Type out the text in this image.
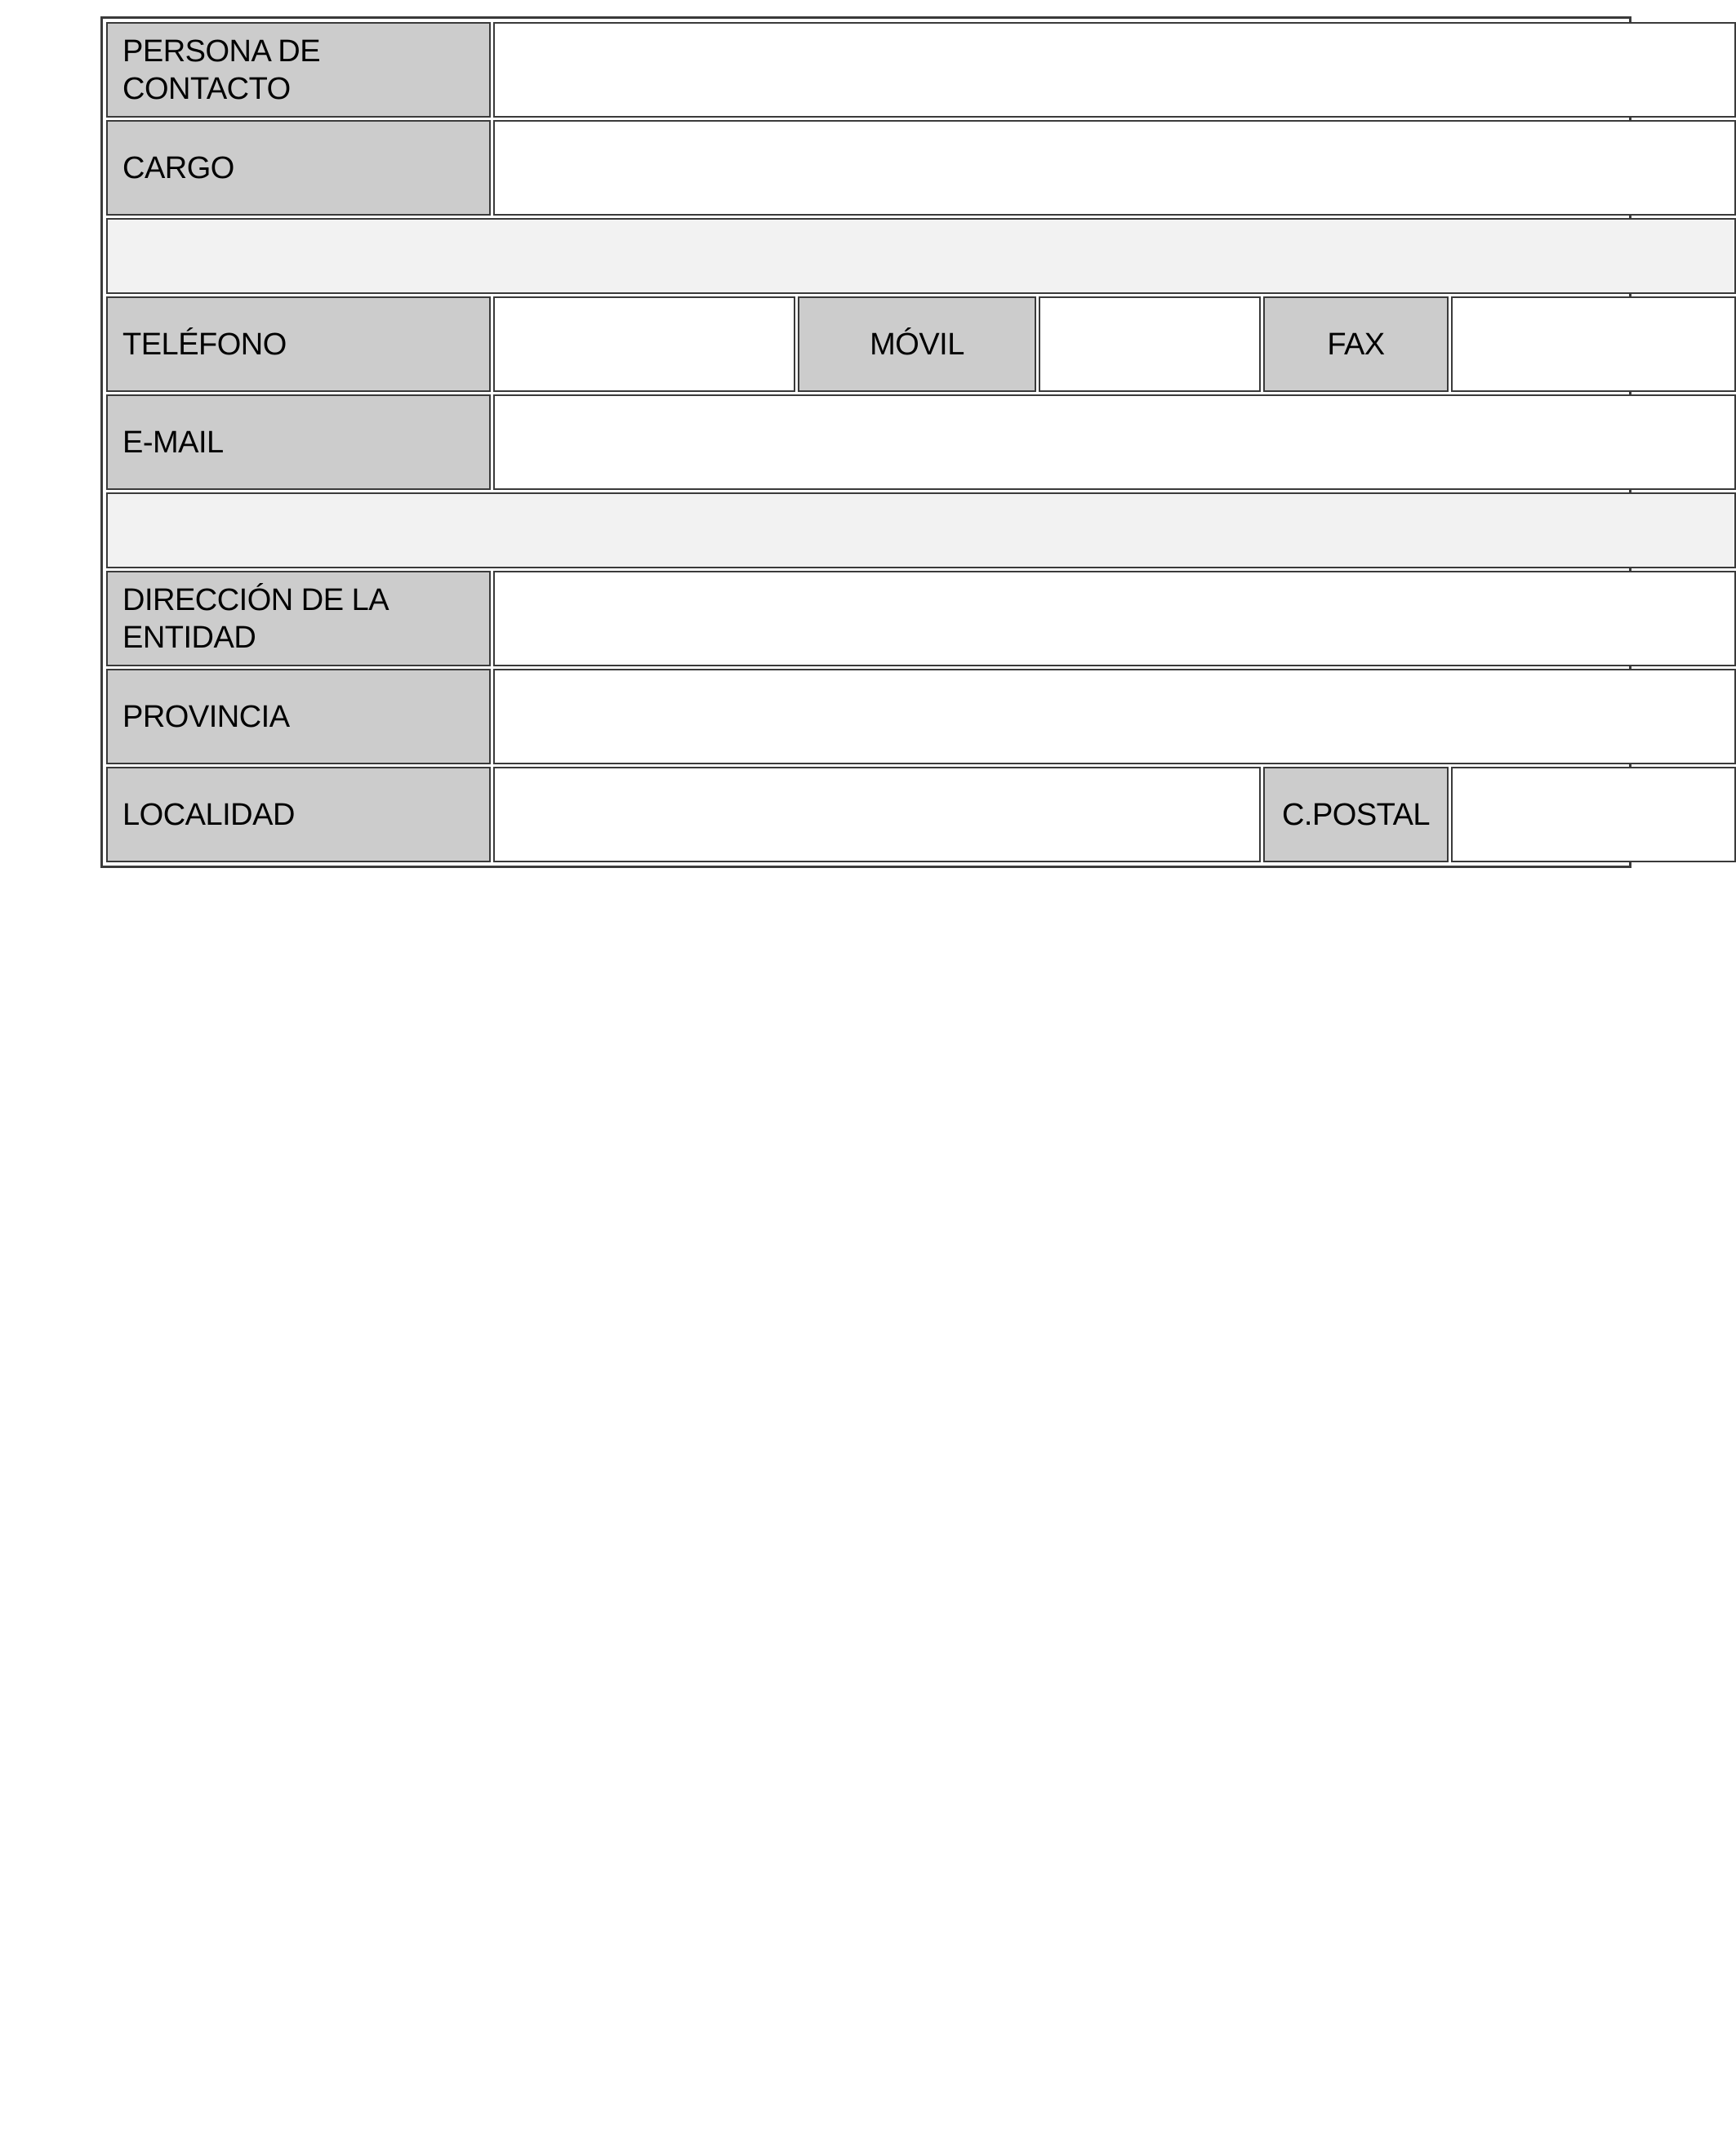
PERSONA DE CONTACTO	

CARGO	

TELÉFONO		MÓVIL		FAX	

E-MAIL	

DIRECCIÓN DE LA ENTIDAD	

PROVINCIA	

LOCALIDAD				C.POSTAL	
